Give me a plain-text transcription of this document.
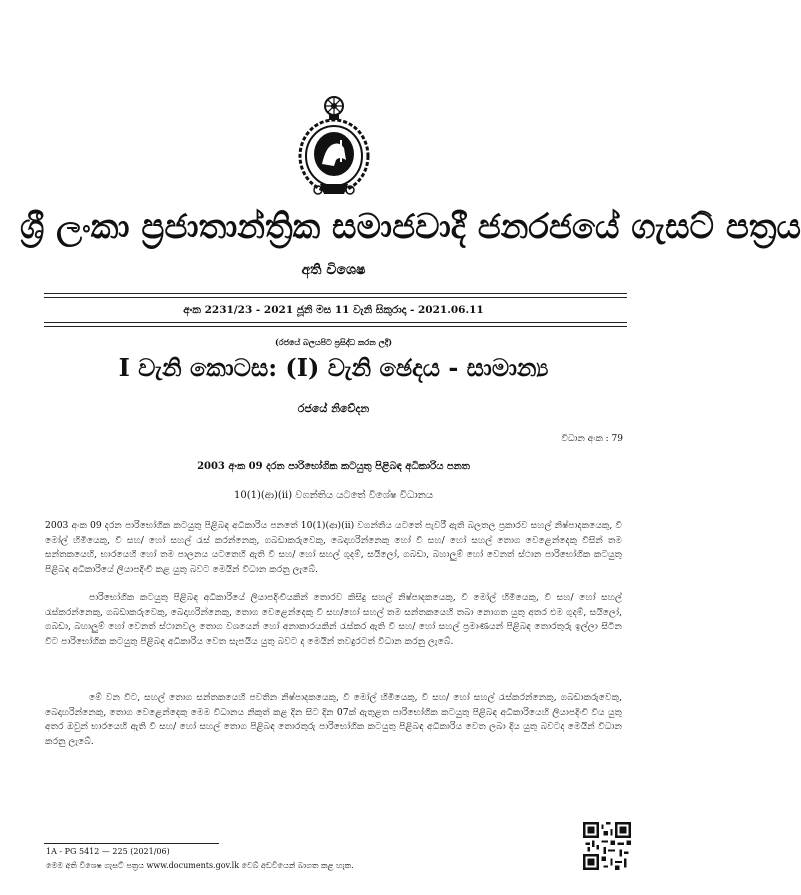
ශ්‍රී ලංකා ප්‍රජාතාන්ත්‍රික සමාජවාදී ජනරජයේ ගැසට් පත්‍රය
අති විශෙෂ
අංක 2231/23 - 2021 ජූනි මස 11 වැනි සිකුරාදා - 2021.06.11
(රජයේ බලයපිට ප්‍රසිද්ධ කරන ලදී)
I වැනි කොටස: (I) වැනි ඡෙදය - සාමාන්‍ය
රජයේ නිවේදන
විධාන අංක : 79
2003 අංක 09 දරන පාරිභෝගික කටයුතු පිළිබඳ අධිකාරිය පනත
10(1)(ආ)(ii) වගන්තිය යටතේ විශේෂ විධානය

2003 අංක 09 දරන පාරිභෝගික කටයුතු පිළිබඳ අධිකාරිය පනතේ 10(1)(ආ)(ii) වගන්තිය යටතේ පැවරී ඇති බලතල ප්‍රකාරව සහල් නිෂ්පාදකයෙකු, වී මෝල් හිමියෙකු, වී සහ/ හෝ සහල් රැස් කරන්නෙකු, ගබඩාකරුවෙකු, බෙදාහරින්නෙකු හෝ වී සහ/ හෝ සහල් තොග වෙළෙන්දෙකු විසින් තම සන්තකයෙහි, භාරයෙහි හෝ තම පාලනය යටතෙහි ඇති වී සහ/ හෝ සහල් ගුදම්, සයිලෝ, ගබඩා, බහාලුම් හෝ වෙනත් ස්ථාන පාරිභෝගික කටයුතු පිළිබඳ අධිකාරියේ ලියාපදිංචි කළ යුතු බවට මෙයින් විධාන කරනු ලැබේ.

පාරිභෝගික කටයුතු පිළිබඳ අධිකාරියේ ලියාපදිංචියකින් තොරව කිසිදු සහල් නිෂ්පාදකයෙකු, වී මෝල් හිමියෙකු, වී සහ/ හෝ සහල් රැස්කරන්නෙකු, ගබඩාකරුවෙකු, බෙදාහරින්නෙකු, තොග වෙළෙන්දෙකු වී සහ/හෝ සහල් තම සන්තකයෙහි තබා නොගත යුතු අතර එම ගුදම්, සයිලෝ, ගබඩා, බහාලුම් හෝ වෙනත් ස්ථානවල තොග වශයෙන් හෝ අනාකාරයකින් රැස්කර ඇති වී සහ/ හෝ සහල් ප්‍රමාණයන් පිළිබඳ තොරතුරු ඉල්ලා සිටින විට පාරිභෝගික කටයුතු පිළිබඳ අධිකාරිය වෙත සැපයිය යුතු බවට ද මෙයින් තවදුරටත් විධාන කරනු ලැබේ.

මේ වන විට, සහල් තොග සන්තකයෙහි පවතින නිෂ්පාදකයෙකු, වී මෝල් හිමියෙකු, වී සහ/ හෝ සහල් රැස්කරන්නෙකු, ගබඩාකරුවෙකු, බෙදාහරින්නෙකු, තොග වෙළෙන්දෙකු මෙම විධානය නිකුත් කළ දින සිට දින 07ක් ඇතුළත පාරිභෝගික කටයුතු පිළිබඳ අධිකාරියෙහි ලියාපදිංචි විය යුතු අතර ඔවුන් භාරයෙහි ඇති වී සහ/ හෝ සහල් තොග පිළිබඳ තොරතුරු පාරිභෝගික කටයුතු පිළිබඳ අධිකාරිය වෙත ලබා දිය යුතු බවටද මෙයින් විධාන කරනු ලැබේ.

1A - PG 5412 — 225 (2021/06)
මෙම අති විශෙෂ ගැසට් පත්‍රය www.documents.gov.lk වෙබ් අඩවියෙන් බාගත කළ හැක.
